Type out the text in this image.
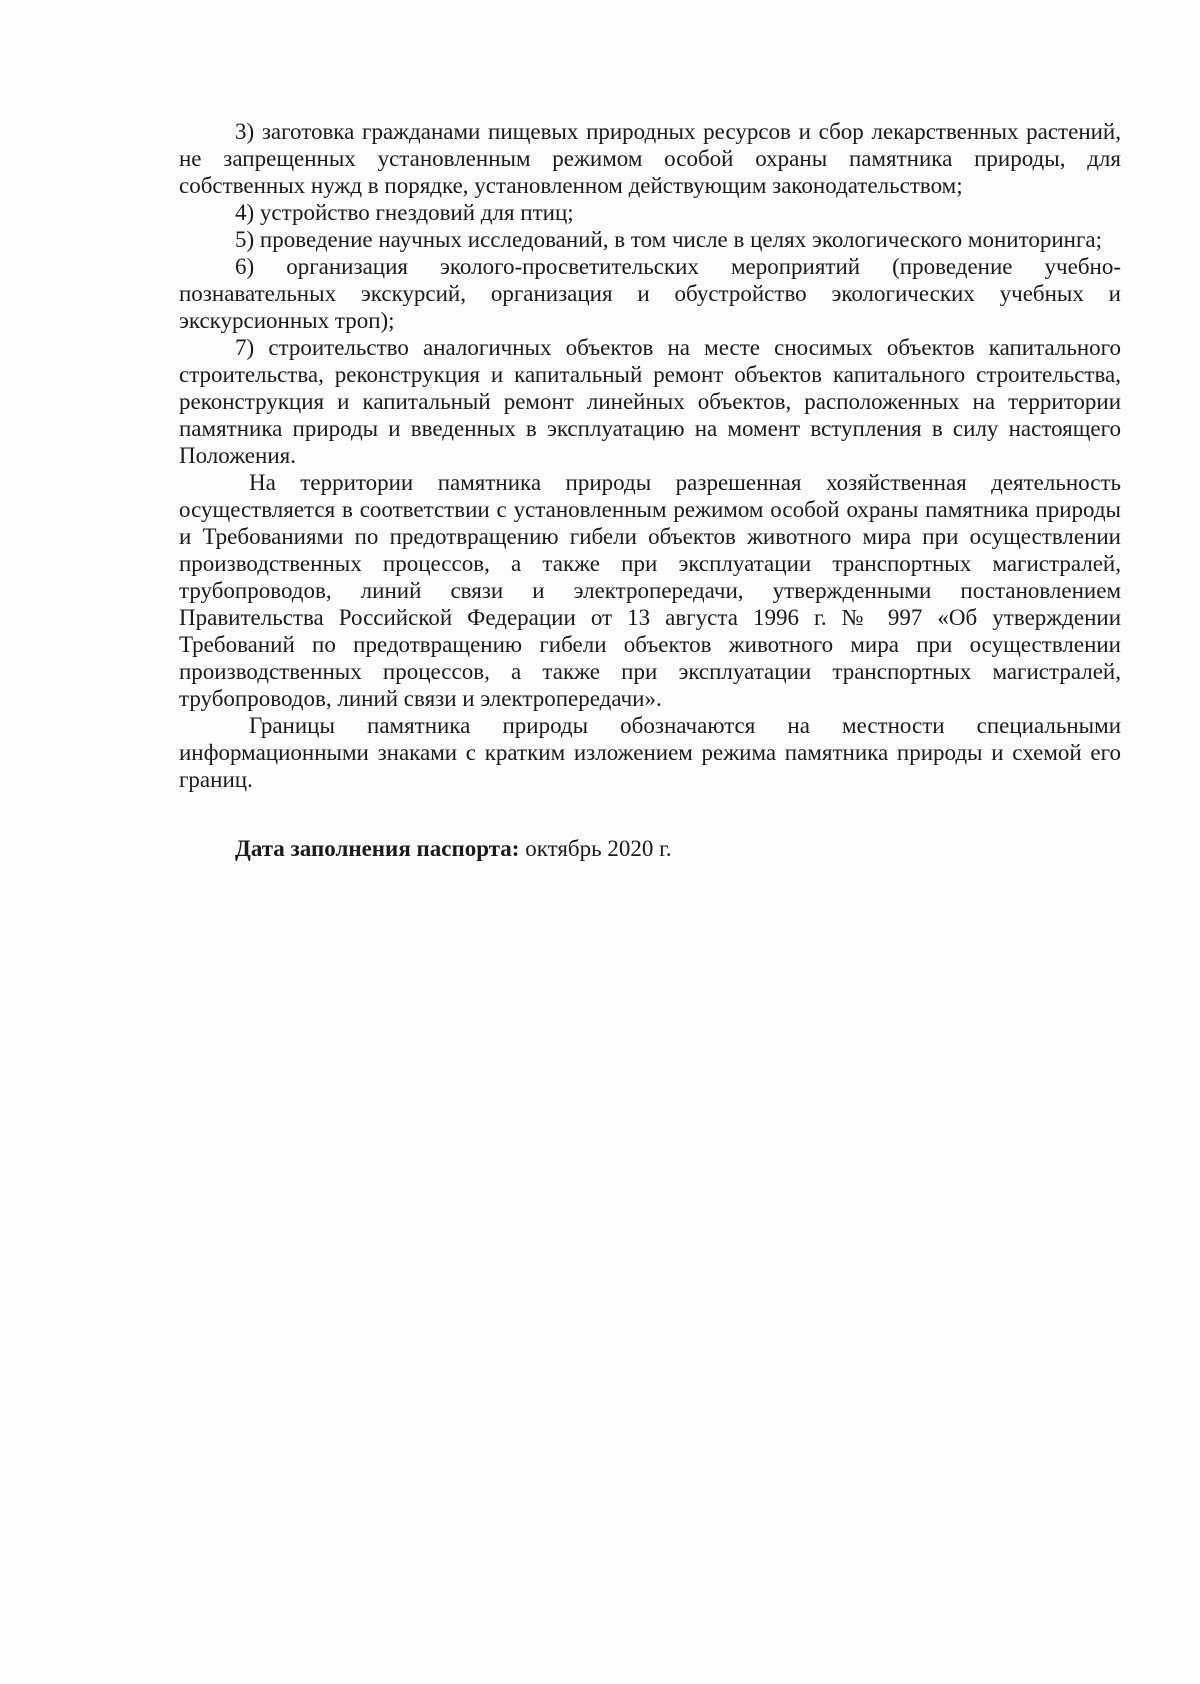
3) заготовка гражданами пищевых природных ресурсов и сбор лекарственных растений, не запрещенных установленным режимом особой охраны памятника природы, для собственных нужд в порядке, установленном действующим законодательством;

4) устройство гнездовий для птиц;

5) проведение научных исследований, в том числе в целях экологического мониторинга;

6) организация эколого-просветительских мероприятий (проведение учебно-познавательных экскурсий, организация и обустройство экологических учебных и экскурсионных троп);

7) строительство аналогичных объектов на месте сносимых объектов капитального строительства, реконструкция и капитальный ремонт объектов капитального строительства, реконструкция и капитальный ремонт линейных объектов, расположенных на территории памятника природы и введенных в эксплуатацию на момент вступления в силу настоящего Положения.

На территории памятника природы разрешенная хозяйственная деятельность осуществляется в соответствии с установленным режимом особой охраны памятника природы и Требованиями по предотвращению гибели объектов животного мира при осуществлении производственных процессов, а также при эксплуатации транспортных магистралей, трубопроводов, линий связи и электропередачи, утвержденными постановлением Правительства Российской Федерации от 13 августа 1996 г. № 997 «Об утверждении Требований по предотвращению гибели объектов животного мира при осуществлении производственных процессов, а также при эксплуатации транспортных магистралей, трубопроводов, линий связи и электропередачи».

Границы памятника природы обозначаются на местности специальными информационными знаками с кратким изложением режима памятника природы и схемой его границ.

Дата заполнения паспорта: октябрь 2020 г.
